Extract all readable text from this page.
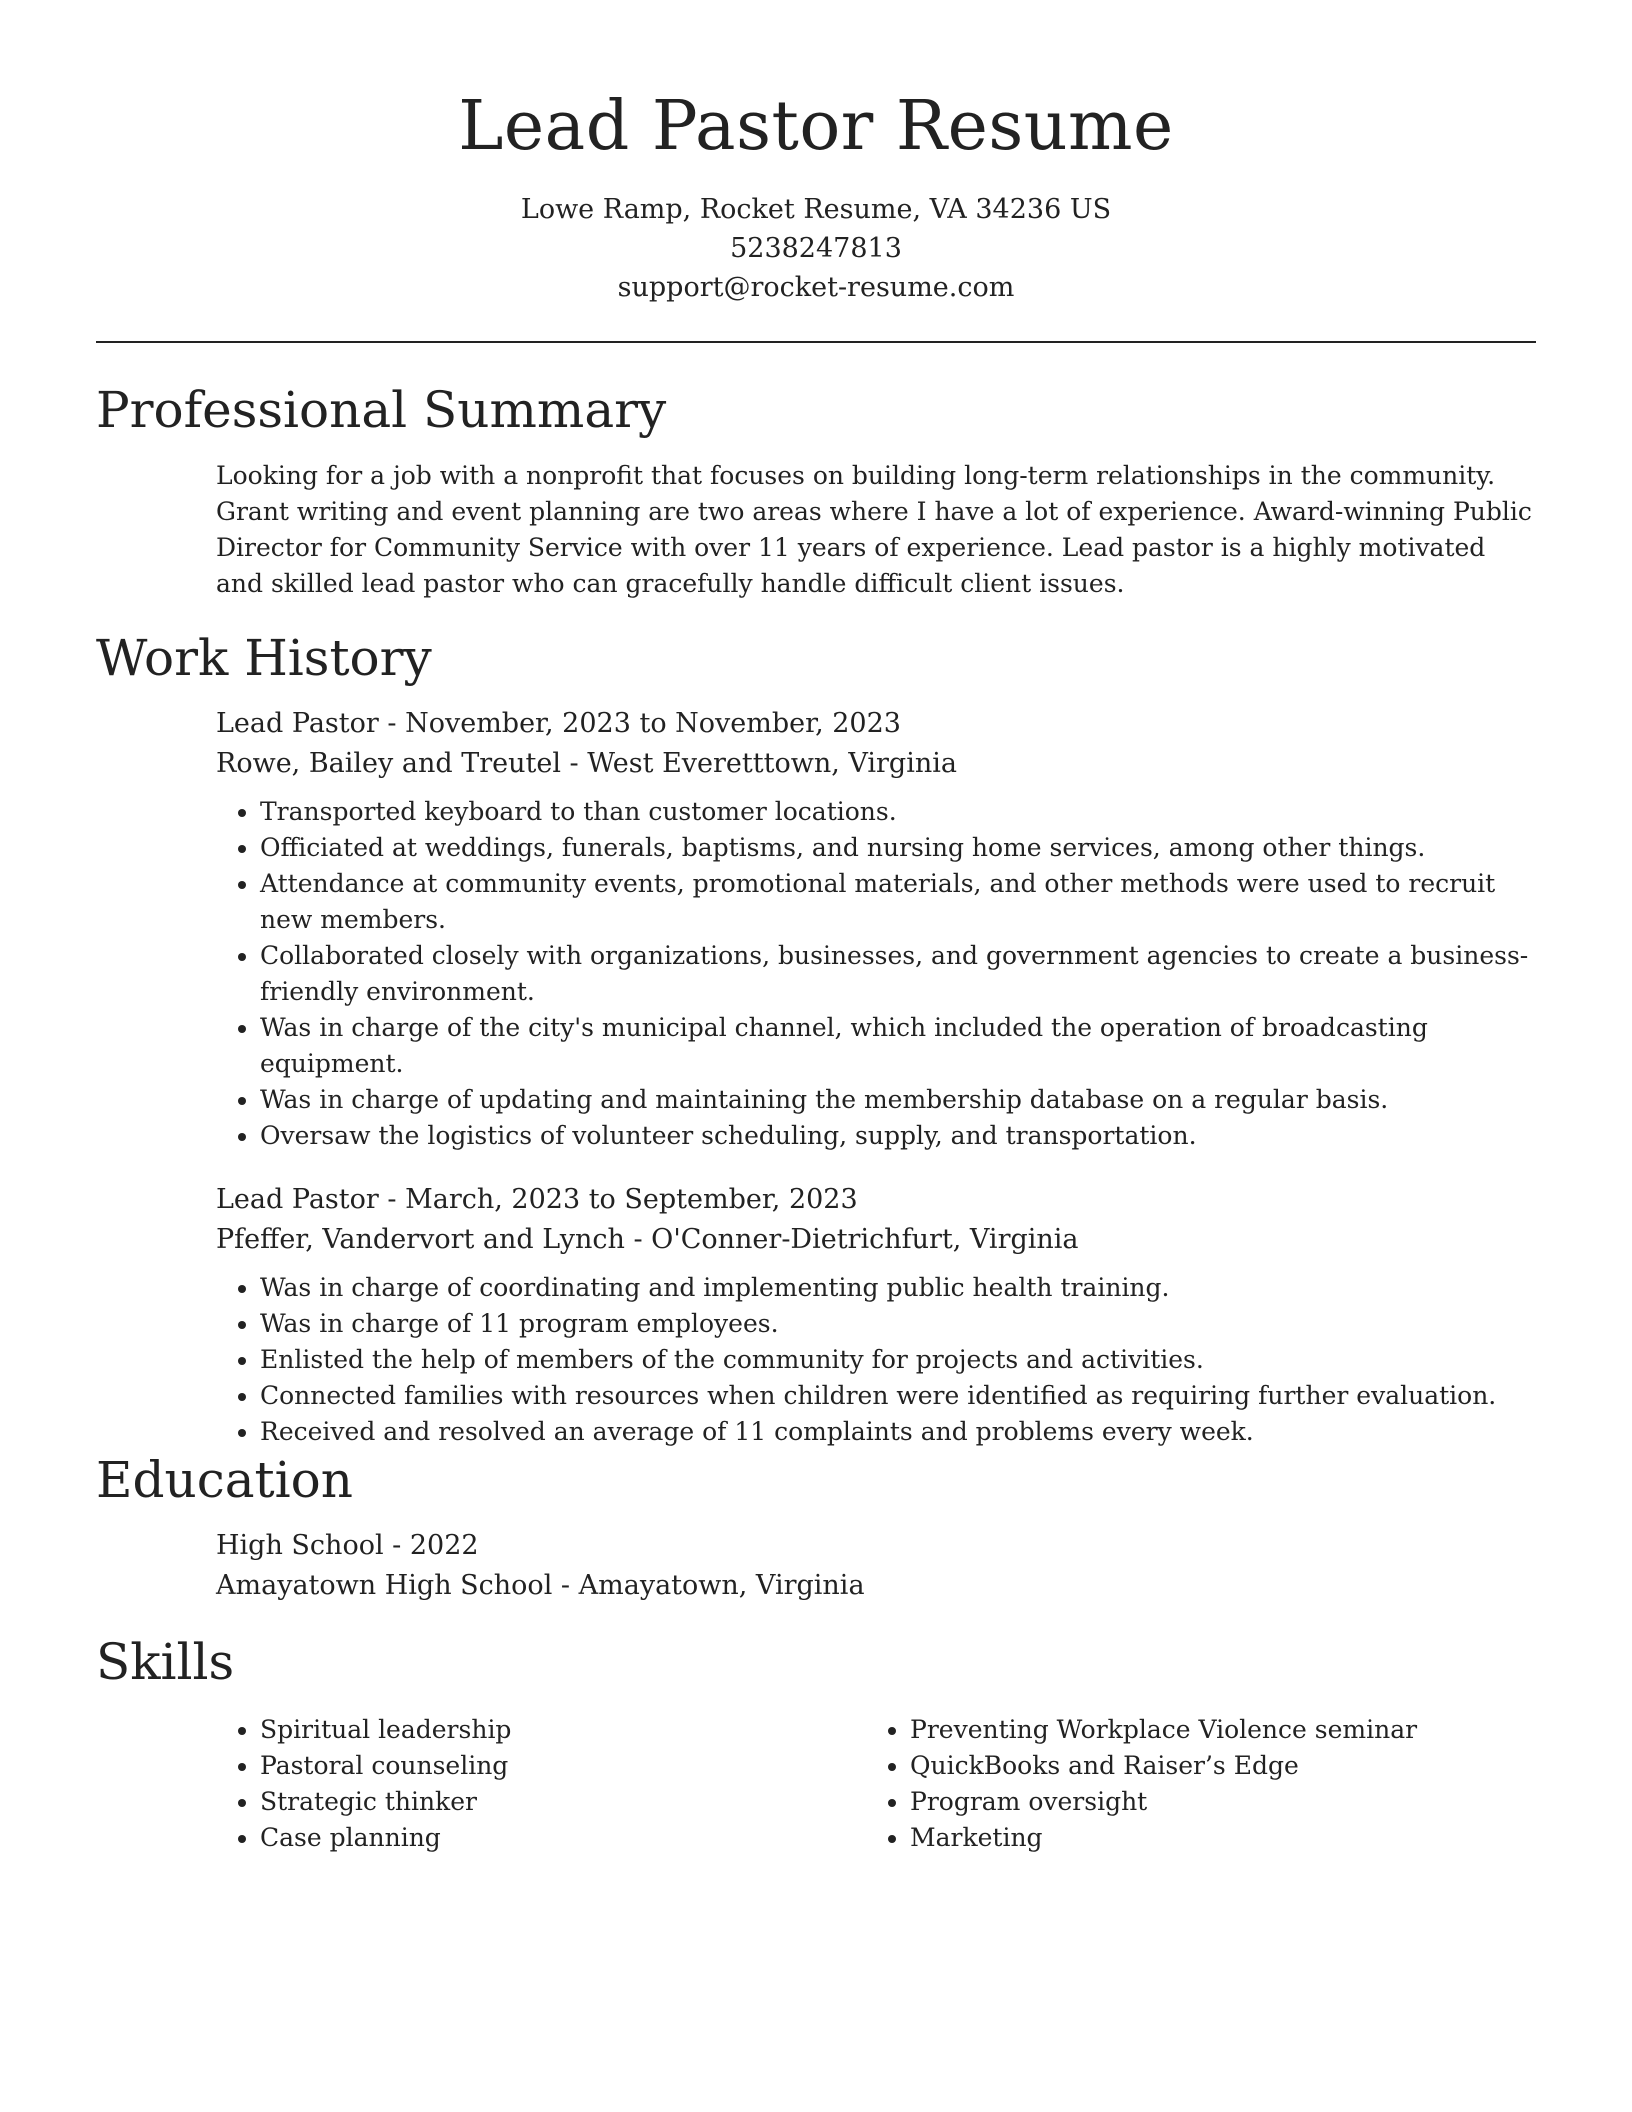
Lead Pastor Resume
Lowe Ramp, Rocket Resume, VA 34236 US
5238247813
support@rocket-resume.com
Professional Summary

Looking for a job with a nonprofit that focuses on building long-term relationships in the community. Grant writing and event planning are two areas where I have a lot of experience. Award-winning Public Director for Community Service with over 11 years of experience. Lead pastor is a highly motivated and skilled lead pastor who can gracefully handle difficult client issues.

Work History
Lead Pastor - November, 2023 to November, 2023
Rowe, Bailey and Treutel - West Everetttown, Virginia
• Transported keyboard to than customer locations.
• Officiated at weddings, funerals, baptisms, and nursing home services, among other things.
• Attendance at community events, promotional materials, and other methods were used to recruit new members.
• Collaborated closely with organizations, businesses, and government agencies to create a business-friendly environment.
• Was in charge of the city's municipal channel, which included the operation of broadcasting equipment.
• Was in charge of updating and maintaining the membership database on a regular basis.
• Oversaw the logistics of volunteer scheduling, supply, and transportation.
Lead Pastor - March, 2023 to September, 2023
Pfeffer, Vandervort and Lynch - O'Conner-Dietrichfurt, Virginia
• Was in charge of coordinating and implementing public health training.
• Was in charge of 11 program employees.
• Enlisted the help of members of the community for projects and activities.
• Connected families with resources when children were identified as requiring further evaluation.
• Received and resolved an average of 11 complaints and problems every week.
Education
High School - 2022
Amayatown High School - Amayatown, Virginia
Skills
• Spiritual leadership
• Pastoral counseling
• Strategic thinker
• Case planning
• Preventing Workplace Violence seminar
• QuickBooks and Raiser’s Edge
• Program oversight
• Marketing
